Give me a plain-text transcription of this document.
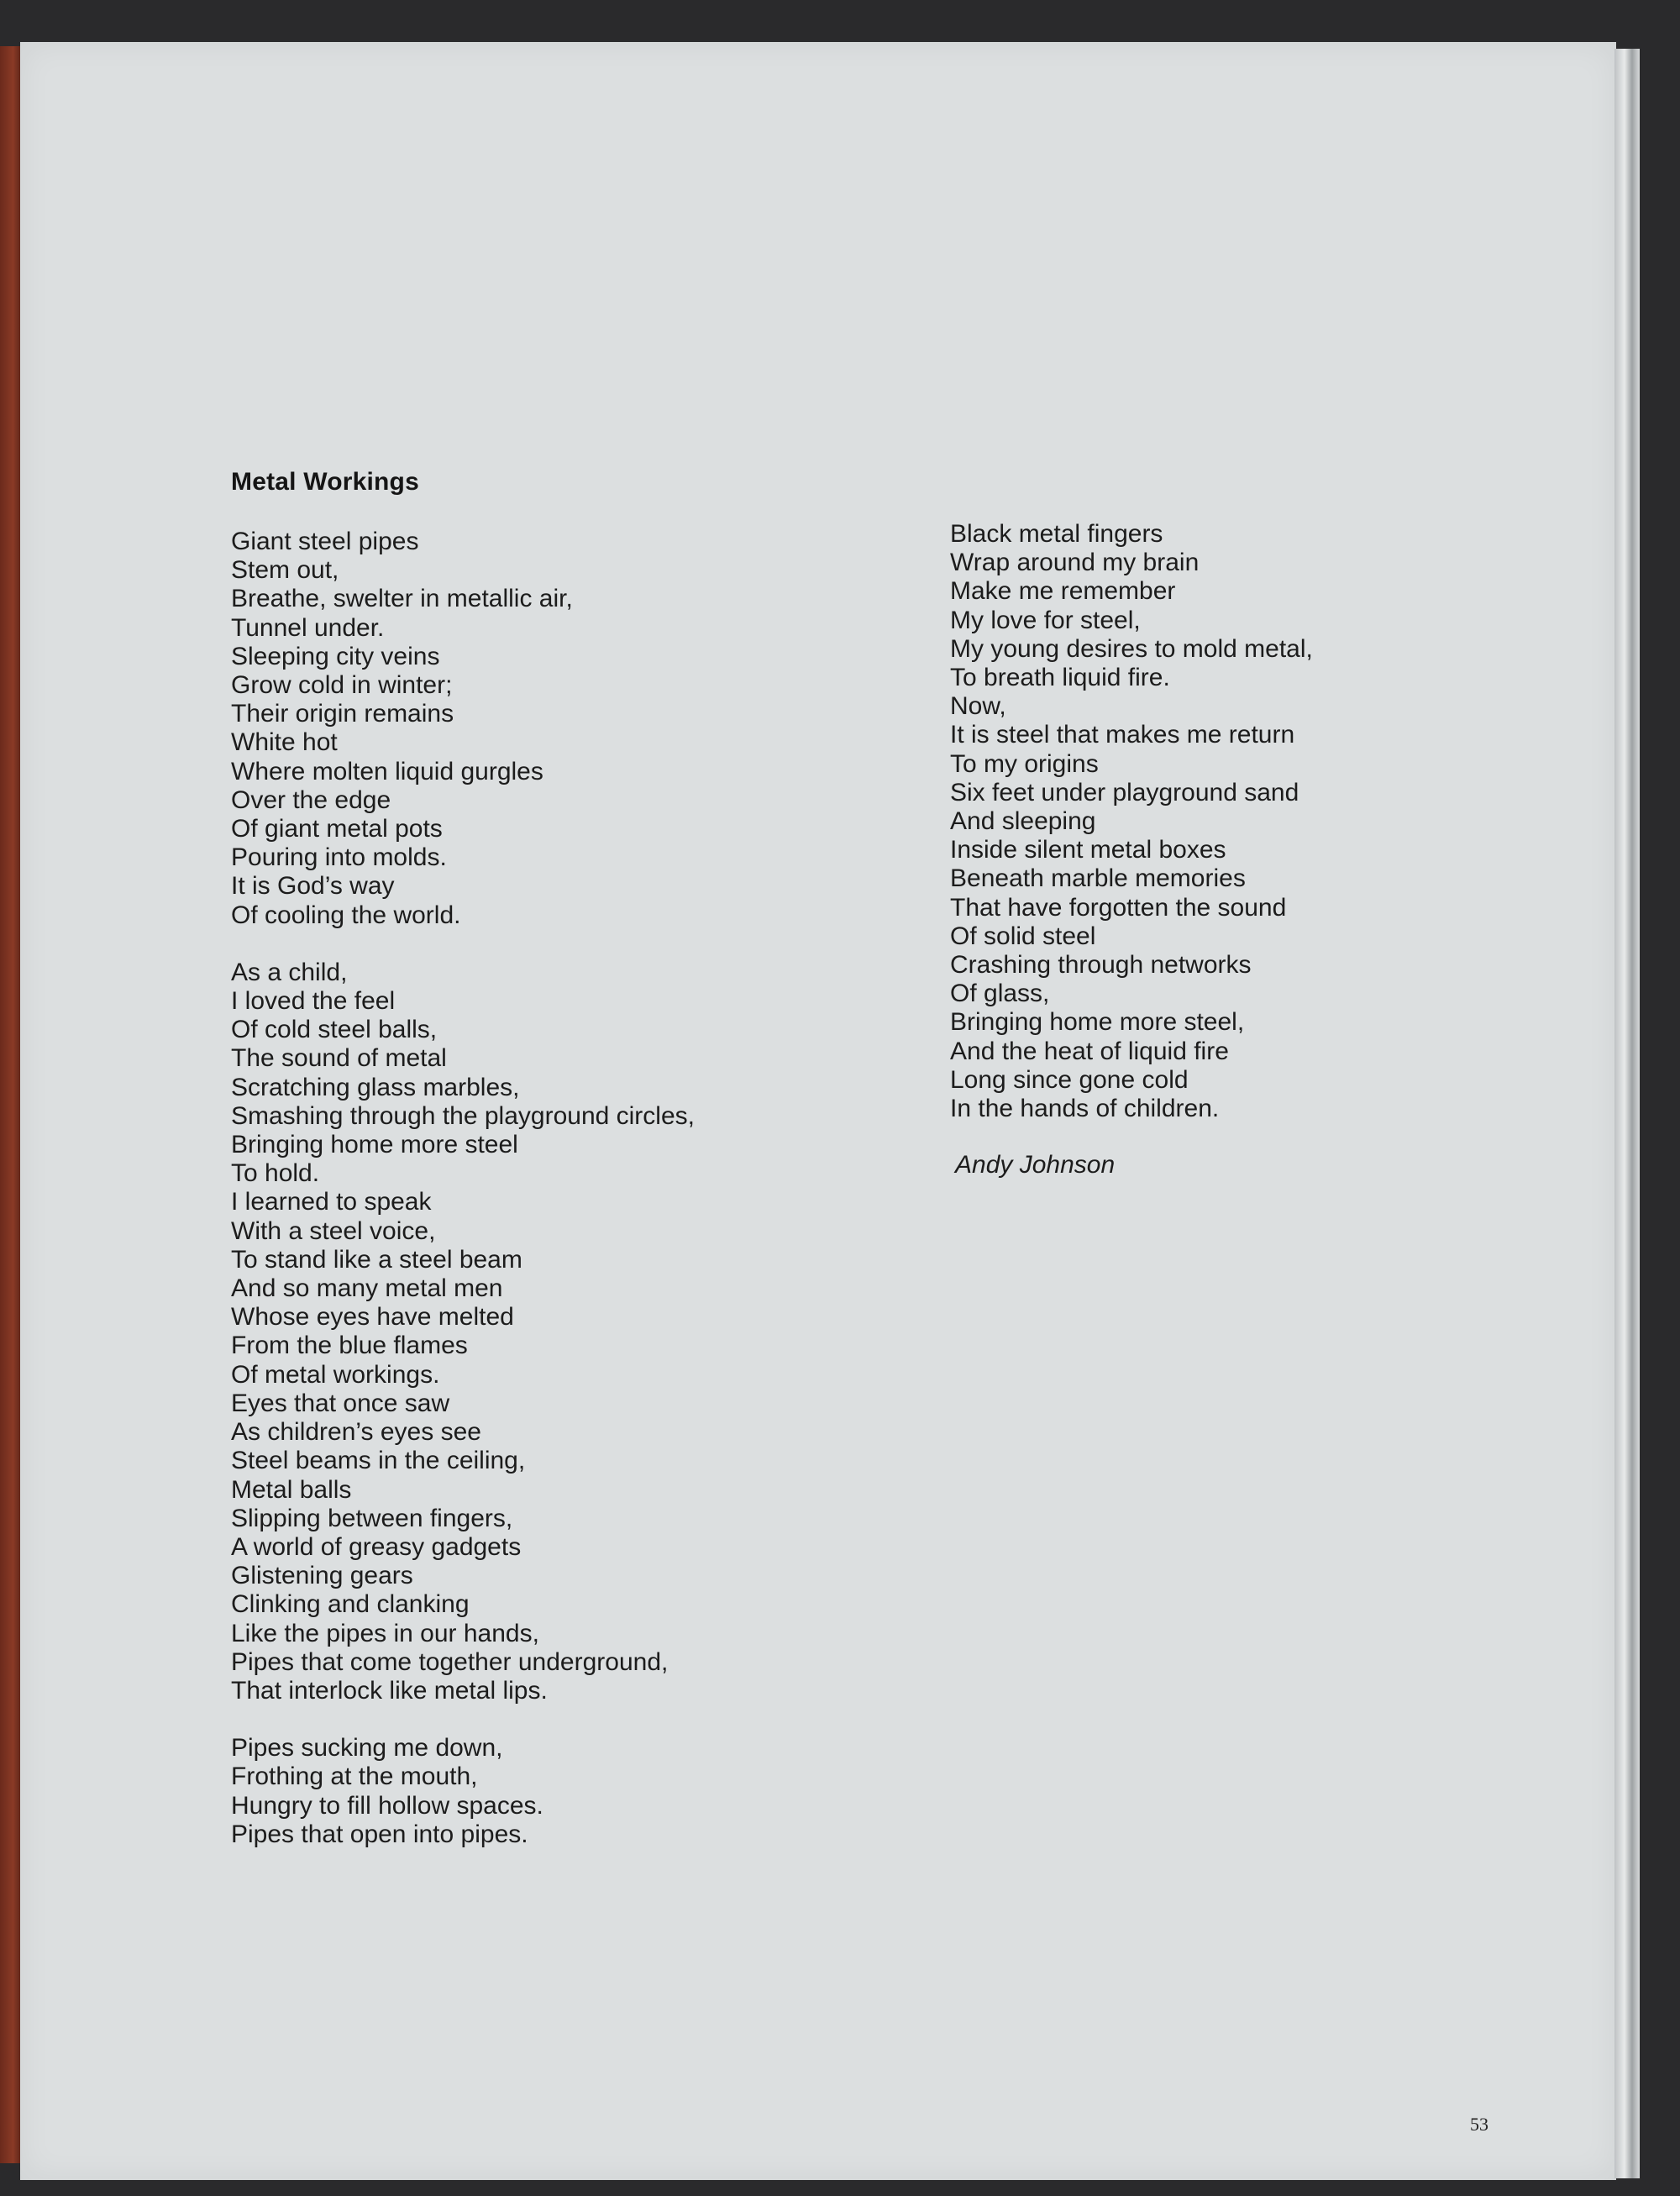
Metal Workings
Giant steel pipes
Stem out,
Breathe, swelter in metallic air,
Tunnel under.
Sleeping city veins
Grow cold in winter;
Their origin remains
White hot
Where molten liquid gurgles
Over the edge
Of giant metal pots
Pouring into molds.
It is God’s way
Of cooling the world.
As a child,
I loved the feel
Of cold steel balls,
The sound of metal
Scratching glass marbles,
Smashing through the playground circles,
Bringing home more steel
To hold.
I learned to speak
With a steel voice,
To stand like a steel beam
And so many metal men
Whose eyes have melted
From the blue flames
Of metal workings.
Eyes that once saw
As children’s eyes see
Steel beams in the ceiling,
Metal balls
Slipping between fingers,
A world of greasy gadgets
Glistening gears
Clinking and clanking
Like the pipes in our hands,
Pipes that come together underground,
That interlock like metal lips.
Pipes sucking me down,
Frothing at the mouth,
Hungry to fill hollow spaces.
Pipes that open into pipes.
Black metal fingers
Wrap around my brain
Make me remember
My love for steel,
My young desires to mold metal,
To breath liquid fire.
Now,
It is steel that makes me return
To my origins
Six feet under playground sand
And sleeping
Inside silent metal boxes
Beneath marble memories
That have forgotten the sound
Of solid steel
Crashing through networks
Of glass,
Bringing home more steel,
And the heat of liquid fire
Long since gone cold
In the hands of children.
Andy Johnson
53
